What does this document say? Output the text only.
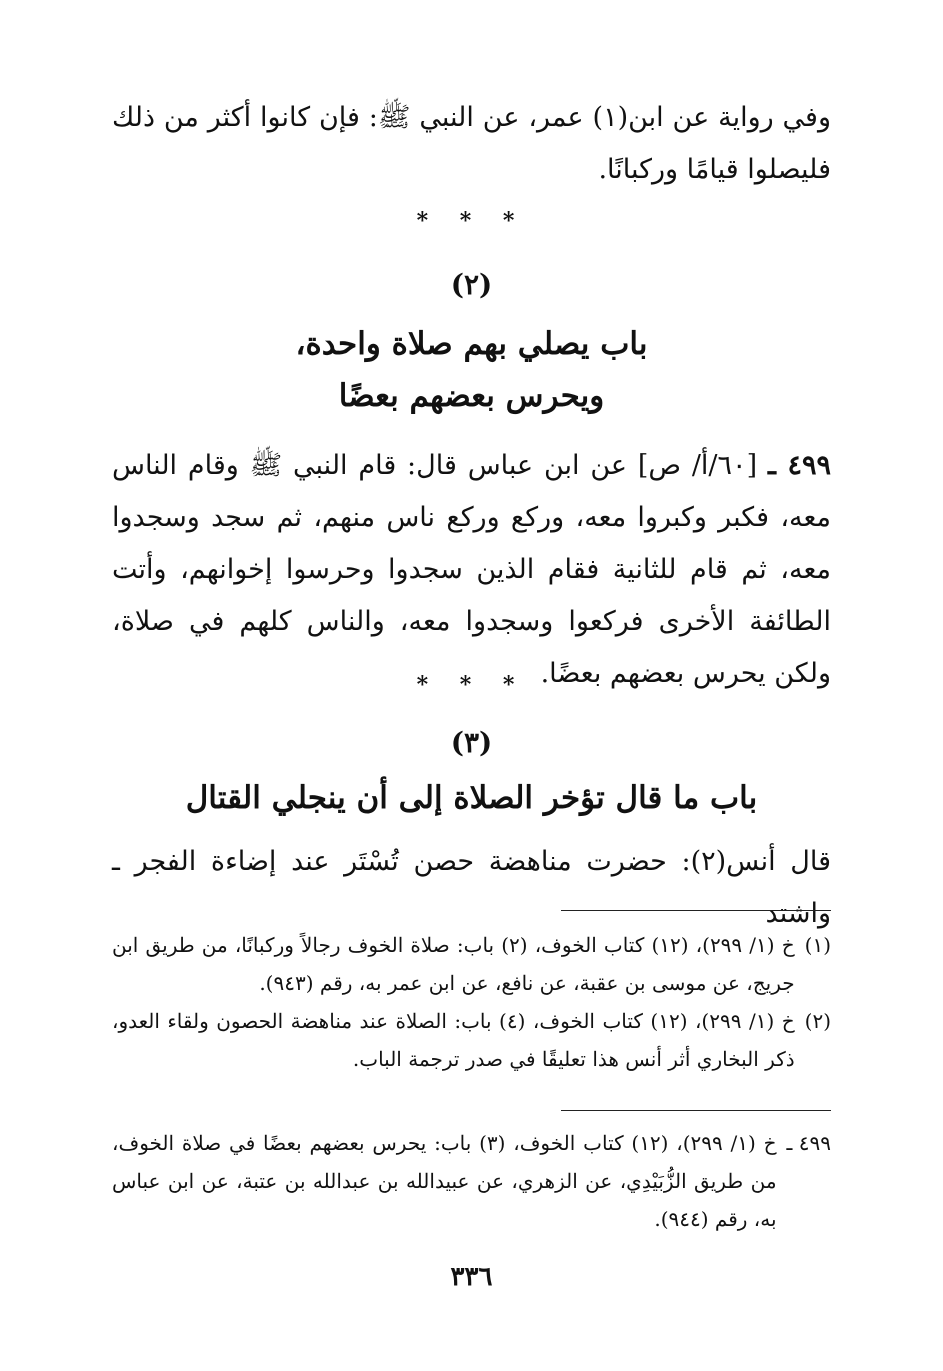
وفي رواية عن ابن(١) عمر، عن النبي ﷺ: فإن كانوا أكثر من ذلك فليصلوا قيامًا وركبانًا.

* * *
(٢)
باب يصلي بهم صلاة واحدة،
ويحرس بعضهم بعضًا

٤٩٩ ـ [٦٠/أ/ ص] عن ابن عباس قال: قام النبي ﷺ وقام الناس معه، فكبر وكبروا معه، وركع وركع ناس منهم، ثم سجد وسجدوا معه، ثم قام للثانية فقام الذين سجدوا وحرسوا إخوانهم، وأتت الطائفة الأخرى فركعوا وسجدوا معه، والناس كلهم في صلاة، ولكن يحرس بعضهم بعضًا.

* * *
(٣)
باب ما قال تؤخر الصلاة إلى أن ينجلي القتال

قال أنس(٢): حضرت مناهضة حصن تُسْتَر عند إضاءة الفجر ـ واشتد

(١)
خ (١/ ٢٩٩)، (١٢) كتاب الخوف، (٢) باب: صلاة الخوف رجالاً وركبانًا، من طريق ابن جريج، عن موسى بن عقبة، عن نافع، عن ابن عمر به، رقم (٩٤٣).
(٢)
خ (١/ ٢٩٩)، (١٢) كتاب الخوف، (٤) باب: الصلاة عند مناهضة الحصون ولقاء العدو، ذكر البخاري أثر أنس هذا تعليقًا في صدر ترجمة الباب.
٤٩٩ ـ
خ (١/ ٢٩٩)، (١٢) كتاب الخوف، (٣) باب: يحرس بعضهم بعضًا في صلاة الخوف، من طريق الزُّبَيْدِي، عن الزهري، عن عبيدالله بن عبدالله بن عتبة، عن ابن عباس به، رقم (٩٤٤).
٣٣٦
